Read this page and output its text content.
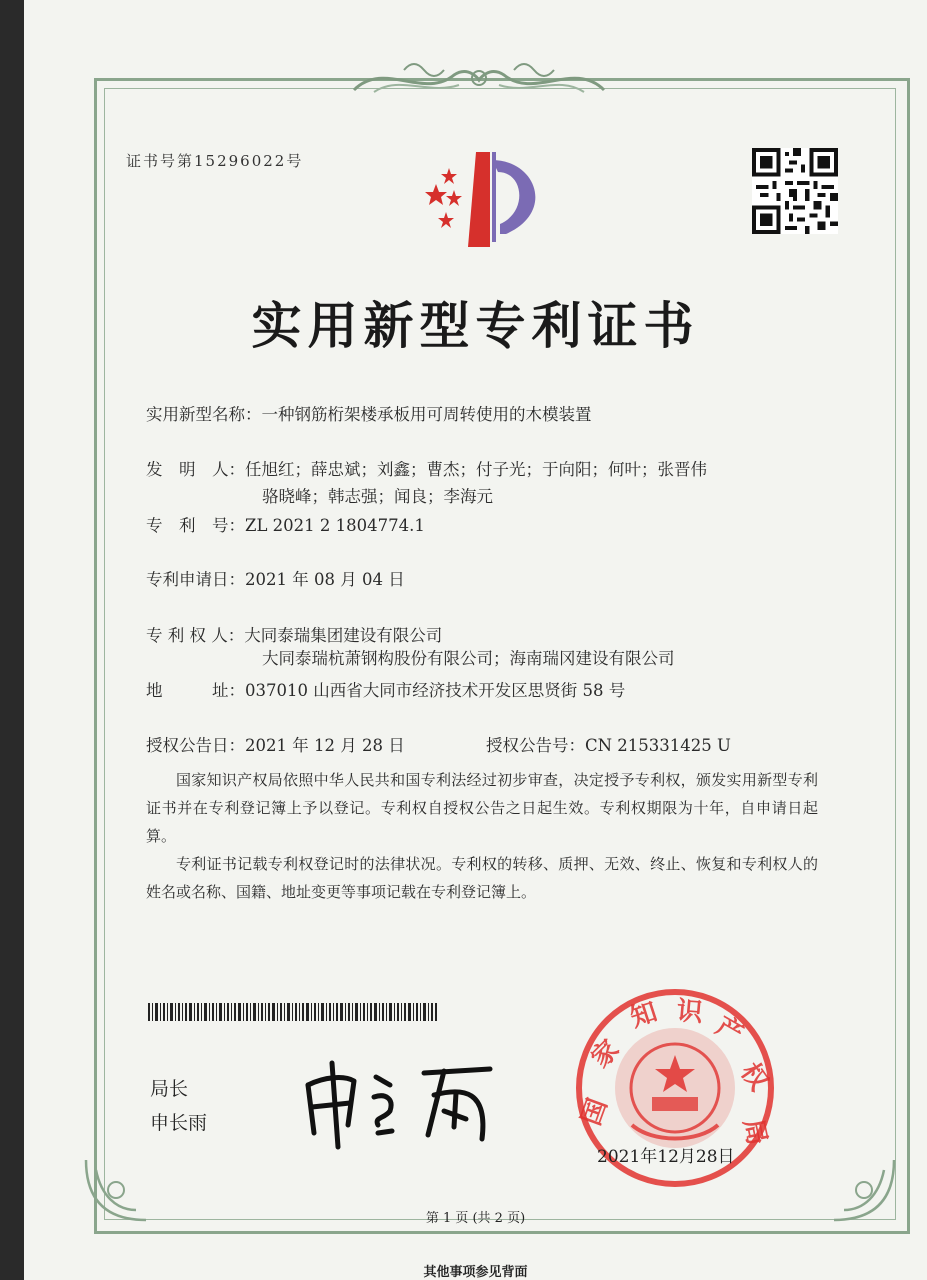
证书号第15296022号
实用新型专利证书
实用新型名称：一种钢筋桁架楼承板用可周转使用的木模装置
发　明　人：任旭红；薛忠斌；刘鑫；曹杰；付子光；于向阳；何叶；张晋伟
骆晓峰；韩志强；闻良；李海元
专　利　号：ZL 2021 2 1804774.1
专利申请日：2021 年 08 月 04 日
专 利 权 人：大同泰瑞集团建设有限公司
大同泰瑞杭萧钢构股份有限公司；海南瑞冈建设有限公司
地　　　址：037010 山西省大同市经济技术开发区思贤街 58 号
授权公告日：2021 年 12 月 28 日	授权公告号：CN 215331425 U

国家知识产权局依照中华人民共和国专利法经过初步审查，决定授予专利权，颁发实用新型专利证书并在专利登记簿上予以登记。专利权自授权公告之日起生效。专利权期限为十年，自申请日起算。

专利证书记载专利权登记时的法律状况。专利权的转移、质押、无效、终止、恢复和专利权人的姓名或名称、国籍、地址变更等事项记载在专利登记簿上。

局长
申长雨	国
家
知 识 产
权
局
2021年12月28日
第 1 页 (共 2 页)
其他事项参见背面
